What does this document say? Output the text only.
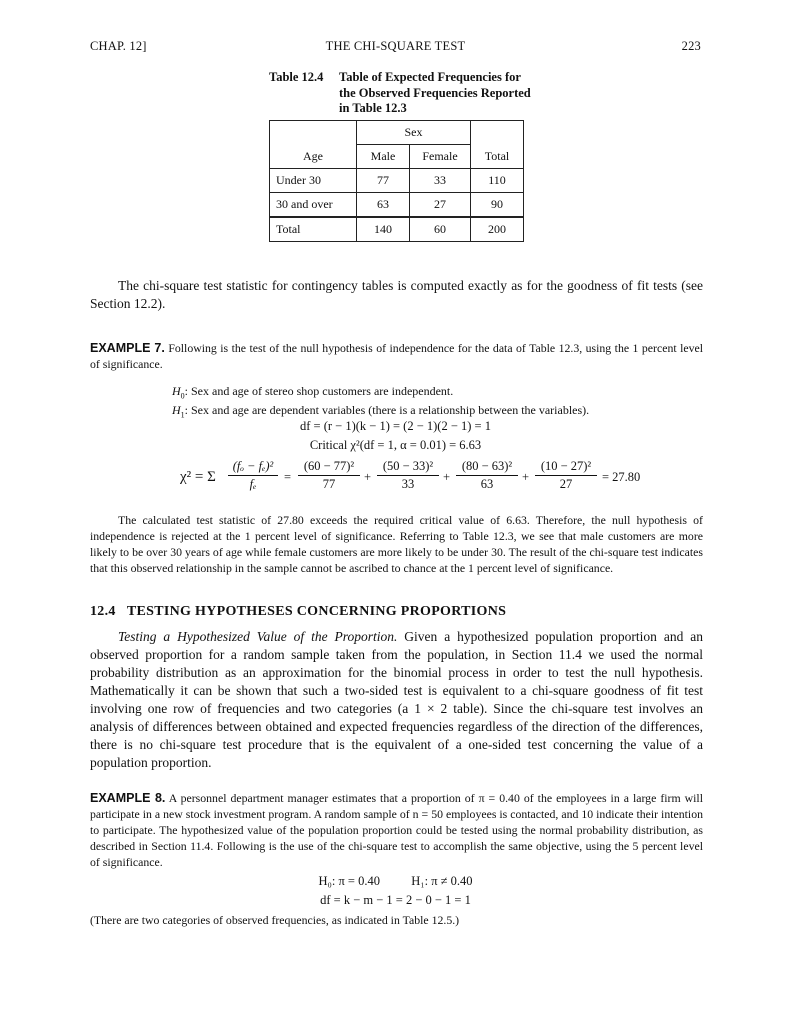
CHAP. 12]	THE CHI-SQUARE TEST	223
Table 12.4	Table of Expected Frequencies for the Observed Frequencies Reported in Table 12.3
	Sex		
Age	Male	Female	Total
Under 30	77	33	110
30 and over	63	27	90
Total	140	60	200
The chi-square test statistic for contingency tables is computed exactly as for the goodness of fit tests (see Section 12.2).
EXAMPLE 7. Following is the test of the null hypothesis of independence for the data of Table 12.3, using the 1 percent level of significance.
$H_0$: Sex and age of stereo shop customers are independent.
$H_1$: Sex and age are dependent variables (there is a relationship between the variables).
df = (r − 1)(k − 1) = (2 − 1)(2 − 1) = 1
Critical χ²(df = 1, α = 0.01) = 6.63
χ² = Σ
(fₒ − fₑ)²
fₑ	=
(60 − 77)²
77	+
(50 − 33)²
33	+
(80 − 63)²
63	+
(10 − 27)²
27	= 27.80
The calculated test statistic of 27.80 exceeds the required critical value of 6.63. Therefore, the null hypothesis of independence is rejected at the 1 percent level of significance. Referring to Table 12.3, we see that male customers are more likely to be over 30 years of age while female customers are more likely to be under 30. The result of the chi-square test indicates that this observed relationship in the sample cannot be ascribed to chance at the 1 percent level of significance.
12.4 TESTING HYPOTHESES CONCERNING PROPORTIONS
Testing a Hypothesized Value of the Proportion. Given a hypothesized population proportion and an observed proportion for a random sample taken from the population, in Section 11.4 we used the normal probability distribution as an approximation for the binomial process in order to test the null hypothesis. Mathematically it can be shown that such a two-sided test is equivalent to a chi-square goodness of fit test involving one row of frequencies and two categories (a 1 × 2 table). Since the chi-square test involves an analysis of differences between obtained and expected frequencies regardless of the direction of the differences, there is no chi-square test procedure that is the equivalent of a one-sided test concerning the value of a population proportion.
EXAMPLE 8. A personnel department manager estimates that a proportion of π = 0.40 of the employees in a large firm will participate in a new stock investment program. A random sample of n = 50 employees is contacted, and 10 indicate their intention to participate. The hypothesized value of the population proportion could be tested using the normal probability distribution, as described in Section 11.4. Following is the use of the chi-square test to accomplish the same objective, using the 5 percent level of significance.
H₀: π = 0.40          H₁: π ≠ 0.40
df = k − m − 1 = 2 − 0 − 1 = 1
(There are two categories of observed frequencies, as indicated in Table 12.5.)
